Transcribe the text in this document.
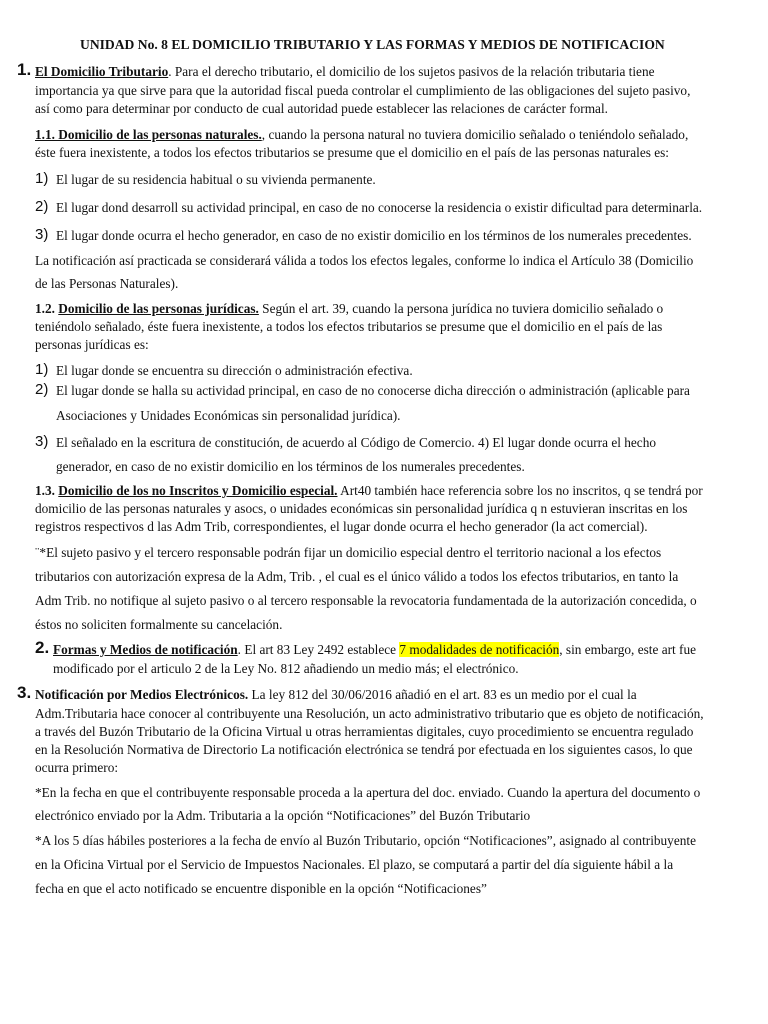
UNIDAD No. 8 EL DOMICILIO TRIBUTARIO Y LAS FORMAS Y MEDIOS DE NOTIFICACION
1. El Domicilio Tributario. Para el derecho tributario, el domicilio de los sujetos pasivos de la relación tributaria tiene
importancia ya que sirve para que la autoridad fiscal pueda controlar el cumplimiento de las obligaciones del sujeto pasivo,
así como para determinar por conducto de cual autoridad puede establecer las relaciones de carácter formal.
1.1. Domicilio de las personas naturales., cuando la persona natural no tuviera domicilio señalado o teniéndolo señalado,
éste fuera inexistente, a todos los efectos tributarios se presume que el domicilio en el país de las personas naturales es:
1) El lugar de su residencia habitual o su vivienda permanente.
2) El lugar dond desarroll su actividad principal, en caso de no conocerse la residencia o existir dificultad para determinarla.
3) El lugar donde ocurra el hecho generador, en caso de no existir domicilio en los términos de los numerales precedentes.
La notificación así practicada se considerará válida a todos los efectos legales, conforme lo indica el Artículo 38 (Domicilio
de las Personas Naturales).
1.2. Domicilio de las personas jurídicas. Según el art. 39, cuando la persona jurídica no tuviera domicilio señalado o
teniéndolo señalado, éste fuera inexistente, a todos los efectos tributarios se presume que el domicilio en el país de las
personas jurídicas es:
1) El lugar donde se encuentra su dirección o administración efectiva.
2) El lugar donde se halla su actividad principal, en caso de no conocerse dicha dirección o administración (aplicable para
Asociaciones y Unidades Económicas sin personalidad jurídica).
3) El señalado en la escritura de constitución, de acuerdo al Código de Comercio. 4) El lugar donde ocurra el hecho
generador, en caso de no existir domicilio en los términos de los numerales precedentes.
1.3. Domicilio de los no Inscritos y Domicilio especial. Art40 también hace referencia sobre los no inscritos, q se tendrá por
domicilio de las personas naturales y asocs, o unidades económicas sin personalidad jurídica q n estuvieran inscritas en los
registros respectivos d las Adm Trib, correspondientes, el lugar donde ocurra el hecho generador (la act comercial).
¨*El sujeto pasivo y el tercero responsable podrán fijar un domicilio especial dentro el territorio nacional a los efectos
tributarios con autorización expresa de la Adm, Trib. , el cual es el único válido a todos los efectos tributarios, en tanto la
Adm Trib. no notifique al sujeto pasivo o al tercero responsable la revocatoria fundamentada de la autorización concedida, o
éstos no soliciten formalmente su cancelación.
2. Formas y Medios de notificación. El art 83 Ley 2492 establece 7 modalidades de notificación, sin embargo, este art fue
modificado por el articulo 2 de la Ley No. 812 añadiendo un medio más; el electrónico.
3. Notificación por Medios Electrónicos. La ley 812 del 30/06/2016 añadió en el art. 83 es un medio por el cual la
Adm.Tributaria hace conocer al contribuyente una Resolución, un acto administrativo tributario que es objeto de notificación,
a través del Buzón Tributario de la Oficina Virtual u otras herramientas digitales, cuyo procedimiento se encuentra regulado
en la Resolución Normativa de Directorio La notificación electrónica se tendrá por efectuada en los siguientes casos, lo que
ocurra primero:
*En la fecha en que el contribuyente responsable proceda a la apertura del doc. enviado. Cuando la apertura del documento o
electrónico enviado por la Adm. Tributaria a la opción “Notificaciones” del Buzón Tributario
*A los 5 días hábiles posteriores a la fecha de envío al Buzón Tributario, opción “Notificaciones”, asignado al contribuyente
en la Oficina Virtual por el Servicio de Impuestos Nacionales. El plazo, se computará a partir del día siguiente hábil a la
fecha en que el acto notificado se encuentre disponible en la opción “Notificaciones”
